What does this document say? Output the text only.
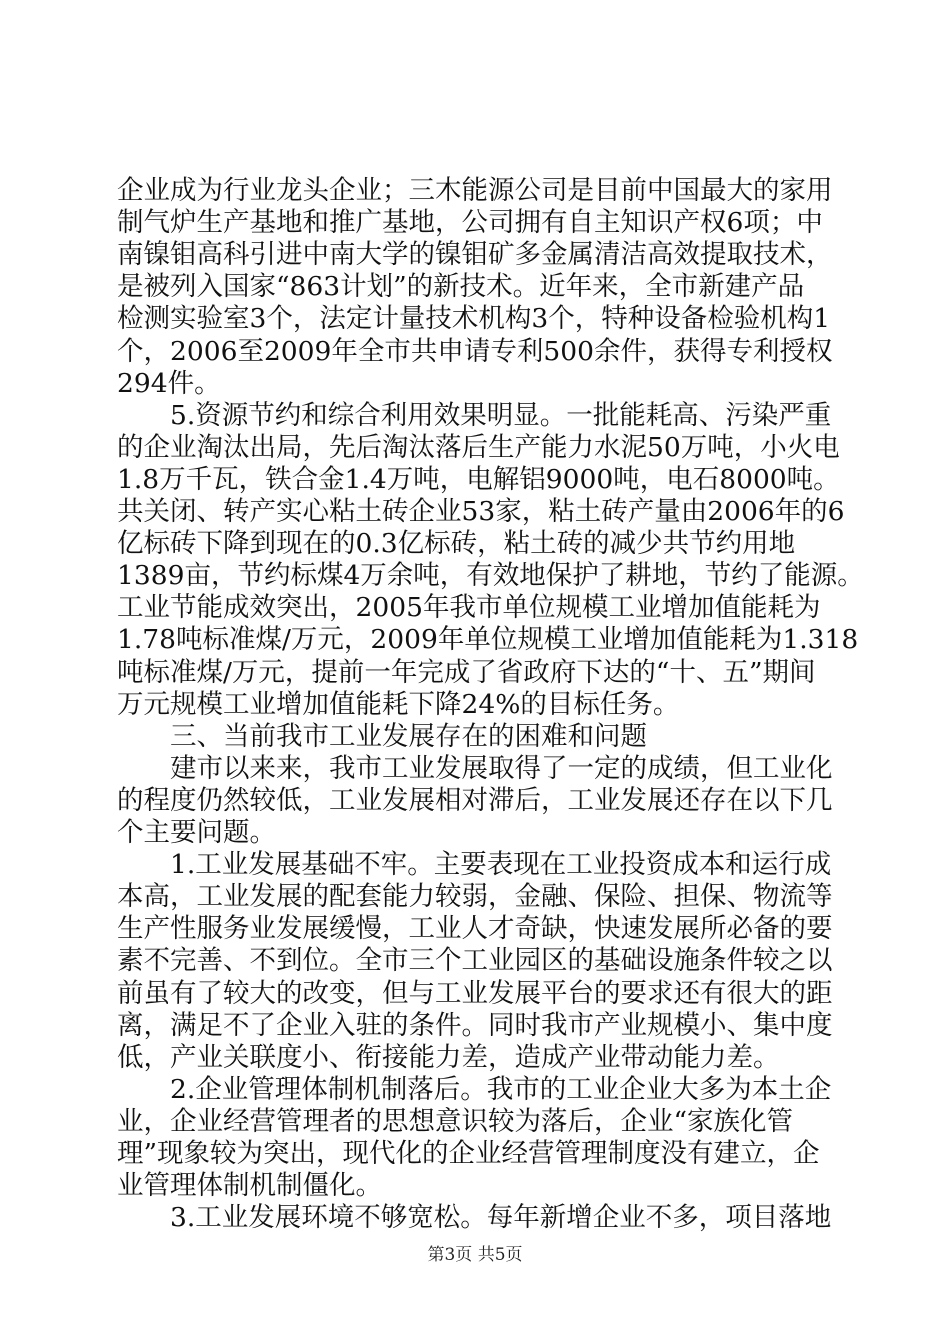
企业成为行业龙头企业；三木能源公司是目前中国最大的家用
制气炉生产基地和推广基地，公司拥有自主知识产权6项；中
南镍钼高科引进中南大学的镍钼矿多金属清洁高效提取技术，
是被列入国家“863计划”的新技术。近年来，全市新建产品
检测实验室3个，法定计量技术机构3个，特种设备检验机构1
个，2006至2009年全市共申请专利500余件，获得专利授权
294件。
　　5.资源节约和综合利用效果明显。一批能耗高、污染严重
的企业淘汰出局，先后淘汰落后生产能力水泥50万吨，小火电
1.8万千瓦，铁合金1.4万吨，电解铝9000吨，电石8000吨。
共关闭、转产实心粘土砖企业53家，粘土砖产量由2006年的6
亿标砖下降到现在的0.3亿标砖，粘土砖的减少共节约用地
1389亩，节约标煤4万余吨，有效地保护了耕地，节约了能源。
工业节能成效突出，2005年我市单位规模工业增加值能耗为
1.78吨标准煤/万元，2009年单位规模工业增加值能耗为1.318
吨标准煤/万元，提前一年完成了省政府下达的“十、五”期间
万元规模工业增加值能耗下降24%的目标任务。
　　三、当前我市工业发展存在的困难和问题
　　建市以来来，我市工业发展取得了一定的成绩，但工业化
的程度仍然较低，工业发展相对滞后，工业发展还存在以下几
个主要问题。
　　1.工业发展基础不牢。主要表现在工业投资成本和运行成
本高，工业发展的配套能力较弱，金融、保险、担保、物流等
生产性服务业发展缓慢，工业人才奇缺，快速发展所必备的要
素不完善、不到位。全市三个工业园区的基础设施条件较之以
前虽有了较大的改变，但与工业发展平台的要求还有很大的距
离，满足不了企业入驻的条件。同时我市产业规模小、集中度
低，产业关联度小、衔接能力差，造成产业带动能力差。
　　2.企业管理体制机制落后。我市的工业企业大多为本土企
业，企业经营管理者的思想意识较为落后，企业“家族化管
理”现象较为突出，现代化的企业经营管理制度没有建立，企
业管理体制机制僵化。
　　3.工业发展环境不够宽松。每年新增企业不多，项目落地
第3页 共5页
